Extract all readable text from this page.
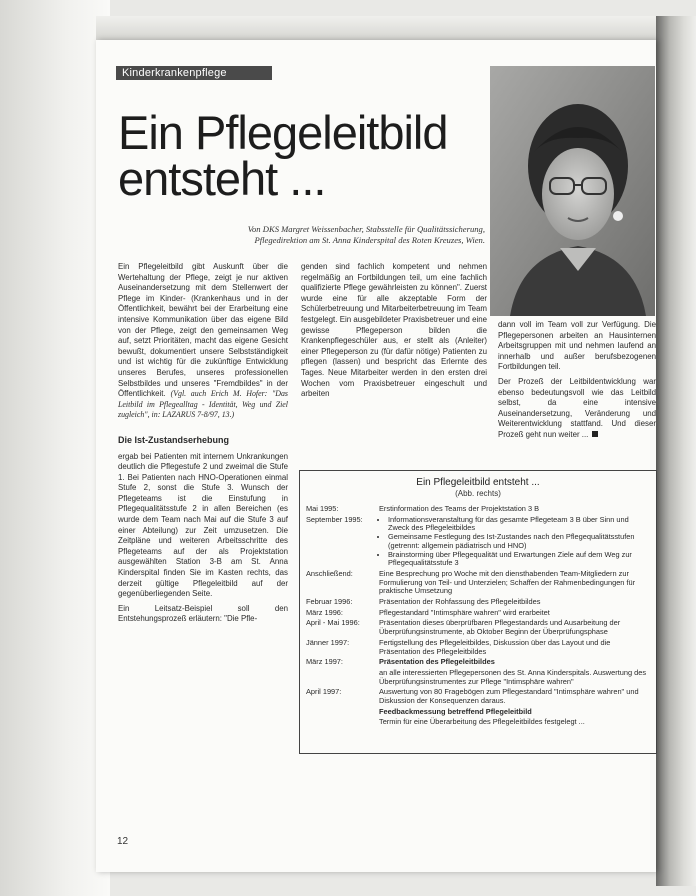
Kinderkrankenpflege
Ein Pflegeleitbild
entsteht ...
Von DKS Margret Weissenbacher, Stabsstelle für Qualitätssicherung,
Pflegedirektion am St. Anna Kinderspital des Roten Kreuzes, Wien.

Ein Pflegeleitbild gibt Auskunft über die Wertehaltung der Pflege, zeigt je nur aktiven Auseinandersetzung mit dem Stellenwert der Pflege im Kinder- (Krankenhaus und in der Öffentlichkeit, bewährt bei der Erarbeitung eine intensive Kommunikation über das eigene Bild von der Pflege, zeigt den gemeinsamen Weg auf, setzt Prioritäten, macht das eigene Gesicht bewußt, dokumentiert unsere Selbstständigkeit und ist wichtig für die zukünftige Entwicklung unseres Berufes, unseres professionellen Selbstbildes und unseres "Fremdbildes" in der Öffentlichkeit. (Vgl. auch Erich M. Hofer: "Das Leitbild im Pflegealltag - Identität, Weg und Ziel zugleich", in: LAZARUS 7-8/97, 13.)

Die Ist-Zustandserhebung

ergab bei Patienten mit internem Unkrankungen deutlich die Pflegestufe 2 und zweimal die Stufe 1. Bei Patienten nach HNO-Operationen einmal Stufe 2, sonst die Stufe 3. Wunsch der Pflegeteams ist die Einstufung in Pflegequalitätsstufe 2 in allen Bereichen (es wurde dem Team nach Mai auf die Stufe 3 auf einer Abteilung) zur Zeit umzusetzen. Die Zeitpläne und weiteren Arbeitsschritte des Pflegeteams auf der als Projektstation ausgewählten Station 3-B am St. Anna Kinderspital finden Sie im Kasten rechts, das derzeit gültige Pflegeleitbild auf der gegenüberliegenden Seite.

Ein Leitsatz-Beispiel soll den Entstehungsprozeß erläutern: "Die Pfle-

genden sind fachlich kompetent und nehmen regelmäßig an Fortbildungen teil, um eine fachlich qualifizierte Pflege gewährleisten zu können". Zuerst wurde eine für alle akzeptable Form der Schülerbetreuung und Mitarbeiterbetreuung im Team festgelegt. Ein ausgebildeter Praxisbetreuer und eine gewisse Pflegeperson bilden die Krankenpflegeschüler aus, er stellt als (Anleiter) einer Pflegeperson zu (für dafür nötige) Patienten zu pflegen (lassen) und bespricht das Erlernte des Tages. Neue Mitarbeiter werden in den ersten drei Wochen vom Praxisbetreuer eingeschult und arbeiten

dann voll im Team voll zur Verfügung. Die Pflegepersonen arbeiten an Hausinternen Arbeitsgruppen mit und nehmen laufend an innerhalb und außer berufsbezogenen Fortbildungen teil.

Der Prozeß der Leitbildentwicklung war ebenso bedeutungsvoll wie das Leitbild selbst, da eine intensive Auseinandersetzung, Veränderung und Weiterentwicklung stattfand. Und dieser Prozeß geht nun weiter ...

Ein Pflegeleitbild entsteht ...
(Abb. rechts)
Mai 1995:	Erstinformation des Teams der Projektstation 3 B
September 1995:
•	Informationsveranstaltung für das gesamte Pflegeteam 3 B über Sinn und Zweck des Pflegeleitbildes
• Gemeinsame Festlegung des Ist-Zustandes nach den Pflegequalitätsstufen (getrennt: allgemein pädiatrisch und HNO)
• Brainstorming über Pflegequalität und Erwartungen Ziele auf dem Weg zur Pflegequalitätsstufe 3
Anschließend:	Eine Besprechung pro Woche mit den diensthabenden Team-Mitgliedern zur Formulierung von Teil- und Unterzielen; Schaffen der Rahmenbedingungen für praktische Umsetzung
Februar 1996:	Präsentation der Rohfassung des Pflegeleitbildes
März 1996:	Pflegestandard "Intimsphäre wahren" wird erarbeitet
April - Mai 1996:	Präsentation dieses überprüfbaren Pflegestandards und Ausarbeitung der Überprüfungsinstrumente, ab Oktober Beginn der Überprüfungsphase
Jänner 1997:	Fertigstellung des Pflegeleitbildes, Diskussion über das Layout und die Präsentation des Pflegeleitbildes
März 1997:	Präsentation des Pflegeleitbildes
an alle interessierten Pflegepersonen des St. Anna Kinderspitals. Auswertung des Überprüfungsinstrumentes zur Pflege "Intimsphäre wahren"
April 1997:	Auswertung von 80 Fragebögen zum Pflegestandard "Intimsphäre wahren" und Diskussion der Konsequenzen daraus.
Feedbackmessung betreffend Pflegeleitbild
Termin für eine Überarbeitung des Pflegeleitbildes festgelegt ...
12
